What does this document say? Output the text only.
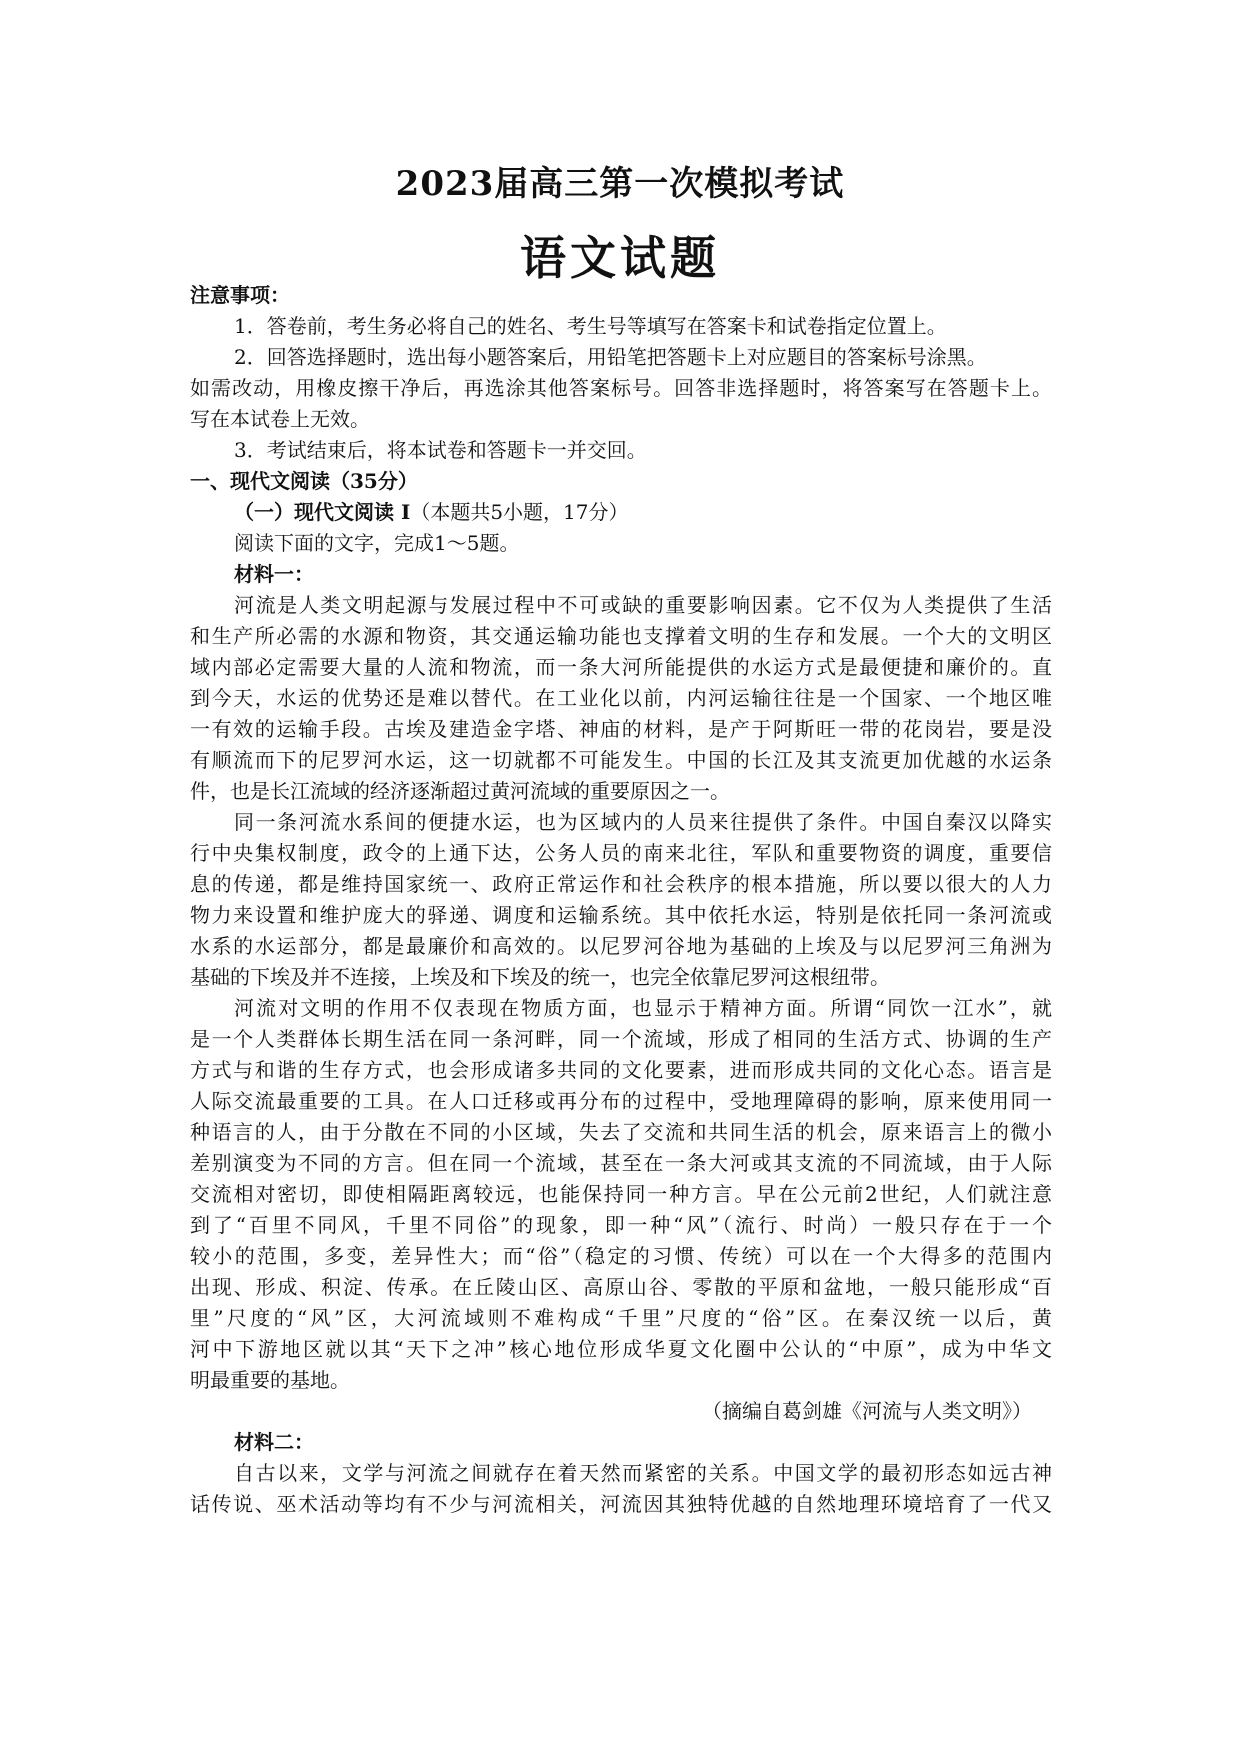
2023届高三第一次模拟考试
语文试题
注意事项：
1．答卷前，考生务必将自己的姓名、考生号等填写在答案卡和试卷指定位置上。
2．回答选择题时，选出每小题答案后，用铅笔把答题卡上对应题目的答案标号涂黑。
如需改动，用橡皮擦干净后，再选涂其他答案标号。回答非选择题时，将答案写在答题卡上。
写在本试卷上无效。
3．考试结束后，将本试卷和答题卡一并交回。
一、现代文阅读（35分）
（一）现代文阅读 I（本题共5小题，17分）
阅读下面的文字，完成1～5题。
材料一：
河流是人类文明起源与发展过程中不可或缺的重要影响因素。它不仅为人类提供了生活
和生产所必需的水源和物资，其交通运输功能也支撑着文明的生存和发展。一个大的文明区
域内部必定需要大量的人流和物流，而一条大河所能提供的水运方式是最便捷和廉价的。直
到今天，水运的优势还是难以替代。在工业化以前，内河运输往往是一个国家、一个地区唯
一有效的运输手段。古埃及建造金字塔、神庙的材料，是产于阿斯旺一带的花岗岩，要是没
有顺流而下的尼罗河水运，这一切就都不可能发生。中国的长江及其支流更加优越的水运条
件，也是长江流域的经济逐渐超过黄河流域的重要原因之一。
同一条河流水系间的便捷水运，也为区域内的人员来往提供了条件。中国自秦汉以降实
行中央集权制度，政令的上通下达，公务人员的南来北往，军队和重要物资的调度，重要信
息的传递，都是维持国家统一、政府正常运作和社会秩序的根本措施，所以要以很大的人力
物力来设置和维护庞大的驿递、调度和运输系统。其中依托水运，特别是依托同一条河流或
水系的水运部分，都是最廉价和高效的。以尼罗河谷地为基础的上埃及与以尼罗河三角洲为
基础的下埃及并不连接，上埃及和下埃及的统一，也完全依靠尼罗河这根纽带。
河流对文明的作用不仅表现在物质方面，也显示于精神方面。所谓“同饮一江水”，就
是一个人类群体长期生活在同一条河畔，同一个流域，形成了相同的生活方式、协调的生产
方式与和谐的生存方式，也会形成诸多共同的文化要素，进而形成共同的文化心态。语言是
人际交流最重要的工具。在人口迁移或再分布的过程中，受地理障碍的影响，原来使用同一
种语言的人，由于分散在不同的小区域，失去了交流和共同生活的机会，原来语言上的微小
差别演变为不同的方言。但在同一个流域，甚至在一条大河或其支流的不同流域，由于人际
交流相对密切，即使相隔距离较远，也能保持同一种方言。早在公元前2世纪，人们就注意
到了“百里不同风，千里不同俗”的现象，即一种“风”（流行、时尚）一般只存在于一个
较小的范围，多变，差异性大；而“俗”（稳定的习惯、传统）可以在一个大得多的范围内
出现、形成、积淀、传承。在丘陵山区、高原山谷、零散的平原和盆地，一般只能形成“百
里”尺度的“风”区，大河流域则不难构成“千里”尺度的“俗”区。在秦汉统一以后，黄
河中下游地区就以其“天下之冲”核心地位形成华夏文化圈中公认的“中原”，成为中华文
明最重要的基地。
（摘编自葛剑雄《河流与人类文明》）
材料二：
自古以来，文学与河流之间就存在着天然而紧密的关系。中国文学的最初形态如远古神
话传说、巫术活动等均有不少与河流相关，河流因其独特优越的自然地理环境培育了一代又
